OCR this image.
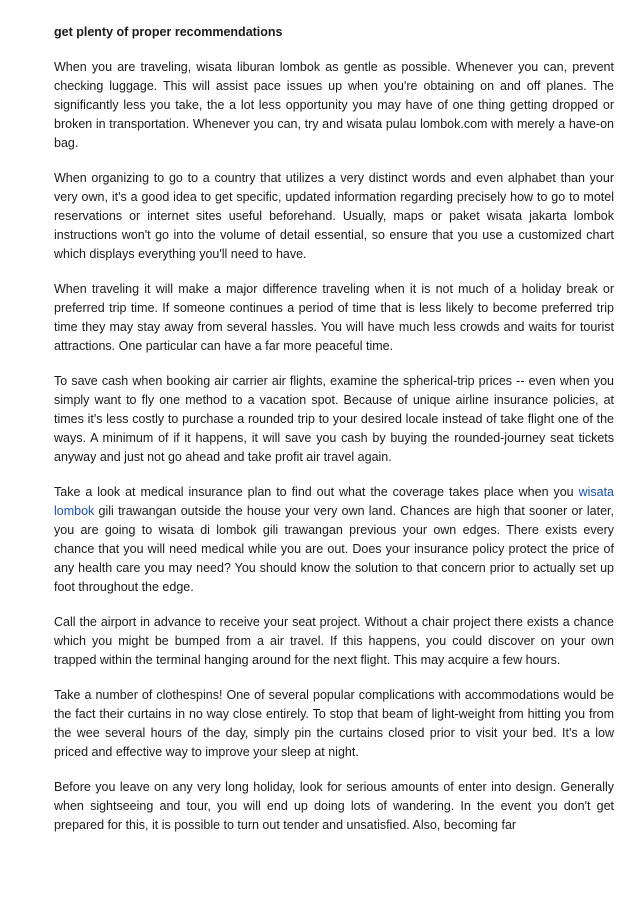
get plenty of proper recommendations

When you are traveling, wisata liburan lombok as gentle as possible. Whenever you can, prevent checking luggage. This will assist pace issues up when you're obtaining on and off planes. The significantly less you take, the a lot less opportunity you may have of one thing getting dropped or broken in transportation. Whenever you can, try and wisata pulau lombok.com with merely a have-on bag.

When organizing to go to a country that utilizes a very distinct words and even alphabet than your very own, it's a good idea to get specific, updated information regarding precisely how to go to motel reservations or internet sites useful beforehand. Usually, maps or paket wisata jakarta lombok instructions won't go into the volume of detail essential, so ensure that you use a customized chart which displays everything you'll need to have.

When traveling it will make a major difference traveling when it is not much of a holiday break or preferred trip time. If someone continues a period of time that is less likely to become preferred trip time they may stay away from several hassles. You will have much less crowds and waits for tourist attractions. One particular can have a far more peaceful time.

To save cash when booking air carrier air flights, examine the spherical-trip prices -- even when you simply want to fly one method to a vacation spot. Because of unique airline insurance policies, at times it's less costly to purchase a rounded trip to your desired locale instead of take flight one of the ways. A minimum of if it happens, it will save you cash by buying the rounded-journey seat tickets anyway and just not go ahead and take profit air travel again.

Take a look at medical insurance plan to find out what the coverage takes place when you wisata lombok gili trawangan outside the house your very own land. Chances are high that sooner or later, you are going to wisata di lombok gili trawangan previous your own edges. There exists every chance that you will need medical while you are out. Does your insurance policy protect the price of any health care you may need? You should know the solution to that concern prior to actually set up foot throughout the edge.

Call the airport in advance to receive your seat project. Without a chair project there exists a chance which you might be bumped from a air travel. If this happens, you could discover on your own trapped within the terminal hanging around for the next flight. This may acquire a few hours.

Take a number of clothespins! One of several popular complications with accommodations would be the fact their curtains in no way close entirely. To stop that beam of light-weight from hitting you from the wee several hours of the day, simply pin the curtains closed prior to visit your bed. It's a low priced and effective way to improve your sleep at night.

Before you leave on any very long holiday, look for serious amounts of enter into design. Generally when sightseeing and tour, you will end up doing lots of wandering. In the event you don't get prepared for this, it is possible to turn out tender and unsatisfied. Also, becoming far
